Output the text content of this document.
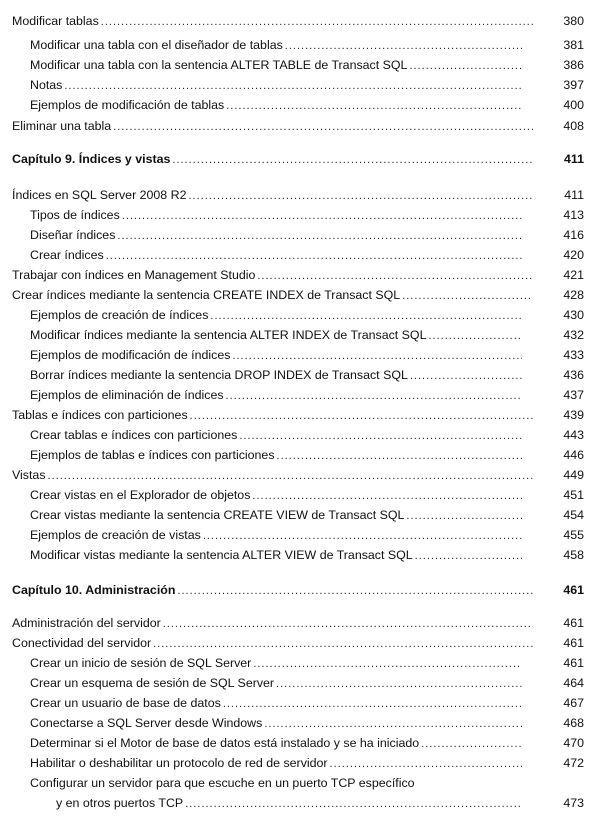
Modificar tablas .....	380
Modificar una tabla con el diseñador de tablas .....	381
Modificar una tabla con la sentencia ALTER TABLE de Transact SQL .....	386
Notas .....	397
Ejemplos de modificación de tablas .....	400
Eliminar una tabla .....	408
Capítulo 9. Índices y vistas .....	411
Índices en SQL Server 2008 R2 .....	411
Tipos de índices .....	413
Diseñar índices .....	416
Crear índices .....	420
Trabajar con índices en Management Studio .....	421
Crear índices mediante la sentencia CREATE INDEX de Transact SQL .....	428
Ejemplos de creación de índices .....	430
Modificar índices mediante la sentencia ALTER INDEX de Transact SQL .....	432
Ejemplos de modificación de índices .....	433
Borrar índices mediante la sentencia DROP INDEX de Transact SQL .....	436
Ejemplos de eliminación de índices .....	437
Tablas e índices con particiones .....	439
Crear tablas e índices con particiones .....	443
Ejemplos de tablas e índices con particiones .....	446
Vistas .....	449
Crear vistas en el Explorador de objetos .....	451
Crear vistas mediante la sentencia CREATE VIEW de Transact SQL .....	454
Ejemplos de creación de vistas .....	455
Modificar vistas mediante la sentencia ALTER VIEW de Transact SQL .....	458
Capítulo 10. Administración .....	461
Administración del servidor .....	461
Conectividad del servidor .....	461
Crear un inicio de sesión de SQL Server .....	461
Crear un esquema de sesión de SQL Server .....	464
Crear un usuario de base de datos .....	467
Conectarse a SQL Server desde Windows .....	468
Determinar si el Motor de base de datos está instalado y se ha iniciado .....	470
Habilitar o deshabilitar un protocolo de red de servidor .....	472
Configurar un servidor para que escuche en un puerto TCP específico
y en otros puertos TCP .....	473
